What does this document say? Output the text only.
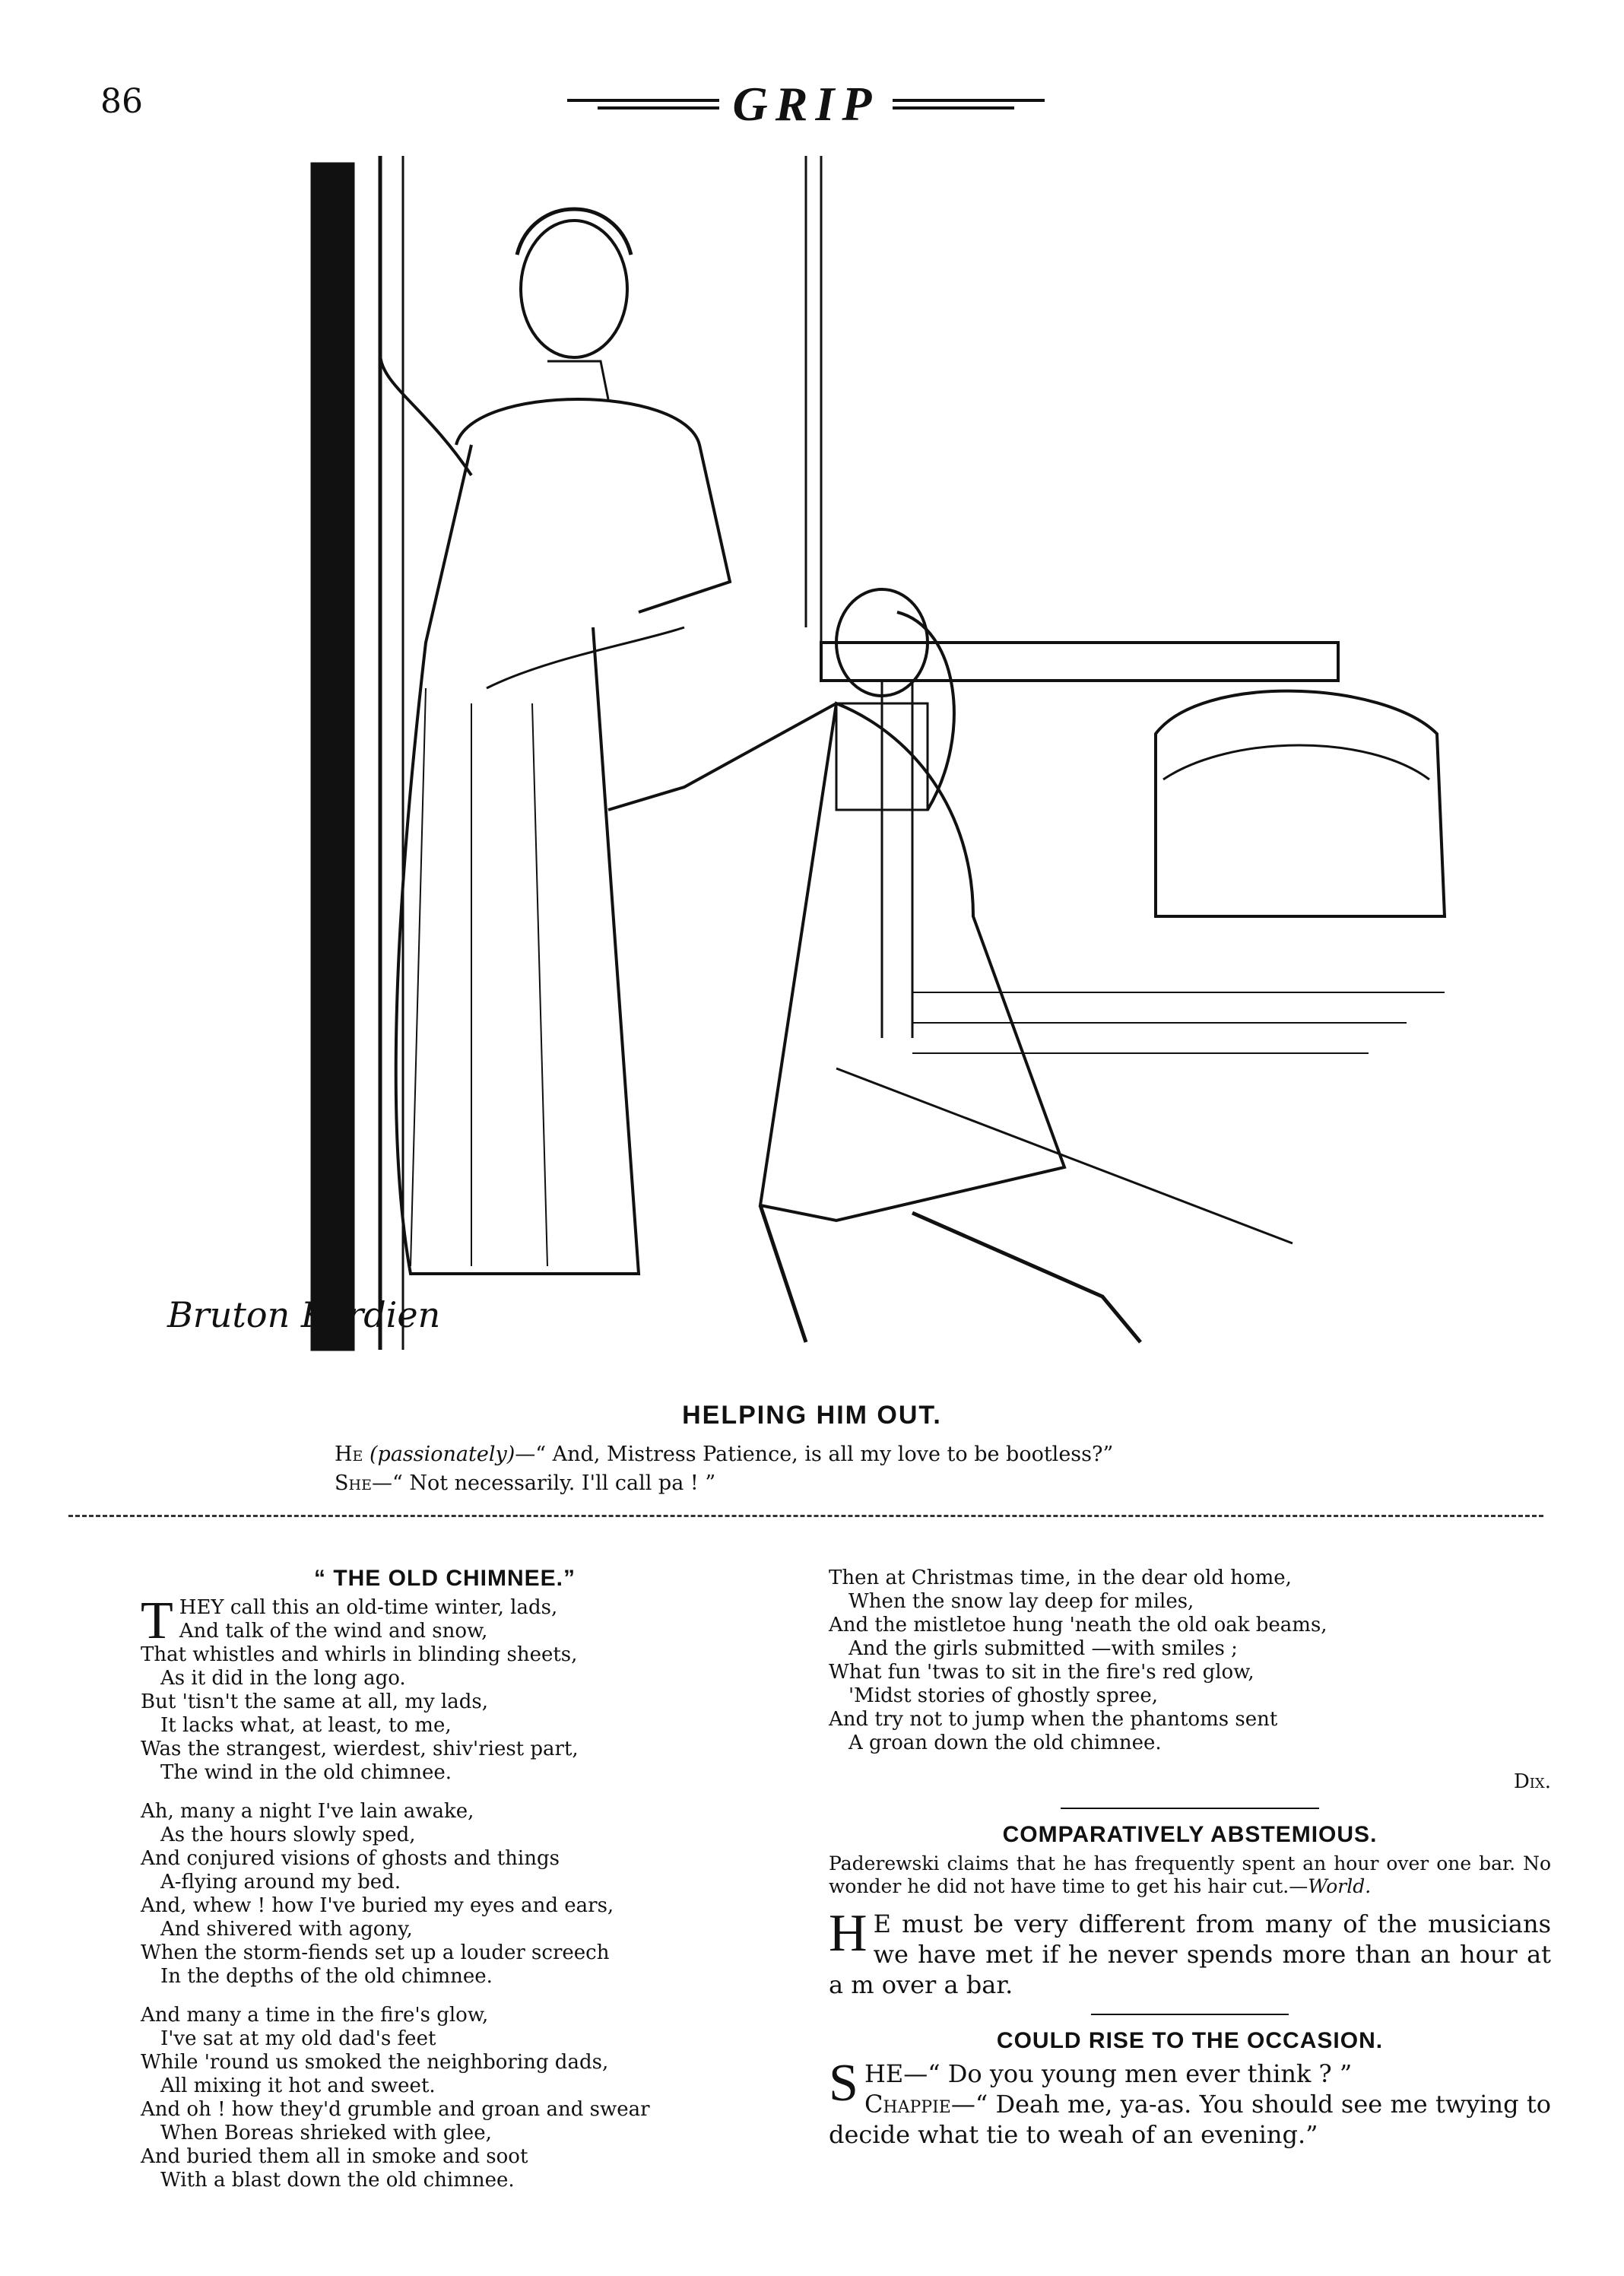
86	GRIP
Bruton Kerdien
HELPING HIM OUT.
He (passionately)—“ And, Mistress Patience, is all my love to be bootless?”
She—“ Not necessarily. I'll call pa ! ”
“ THE OLD CHIMNEE.”

THEY call this an old-time winter, lads,

And talk of the wind and snow,

That whistles and whirls in blinding sheets,

As it did in the long ago.

But 'tisn't the same at all, my lads,

It lacks what, at least, to me,

Was the strangest, wierdest, shiv'riest part,

The wind in the old chimnee.

Ah, many a night I've lain awake,

As the hours slowly sped,

And conjured visions of ghosts and things

A-flying around my bed.

And, whew ! how I've buried my eyes and ears,

And shivered with agony,

When the storm-fiends set up a louder screech

In the depths of the old chimnee.

And many a time in the fire's glow,

I've sat at my old dad's feet

While 'round us smoked the neighboring dads,

All mixing it hot and sweet.

And oh ! how they'd grumble and groan and swear

When Boreas shrieked with glee,

And buried them all in smoke and soot

With a blast down the old chimnee.

Then at Christmas time, in the dear old home,

When the snow lay deep for miles,

And the mistletoe hung 'neath the old oak beams,

And the girls submitted —with smiles ;

What fun 'twas to sit in the fire's red glow,

'Midst stories of ghostly spree,

And try not to jump when the phantoms sent

A groan down the old chimnee.

Dix.
COMPARATIVELY ABSTEMIOUS.
Paderewski claims that he has frequently spent an hour over one bar. No wonder he did not have time to get his hair cut.—World.
H E must be very different from many of the musicians we have met if he never spends more than an hour at a m over a bar.
COULD RISE TO THE OCCASION.
SHE—“ Do you young men ever think ? ”
Chappie—“ Deah me, ya-as. You should see me twying to decide what tie to weah of an evening.”
